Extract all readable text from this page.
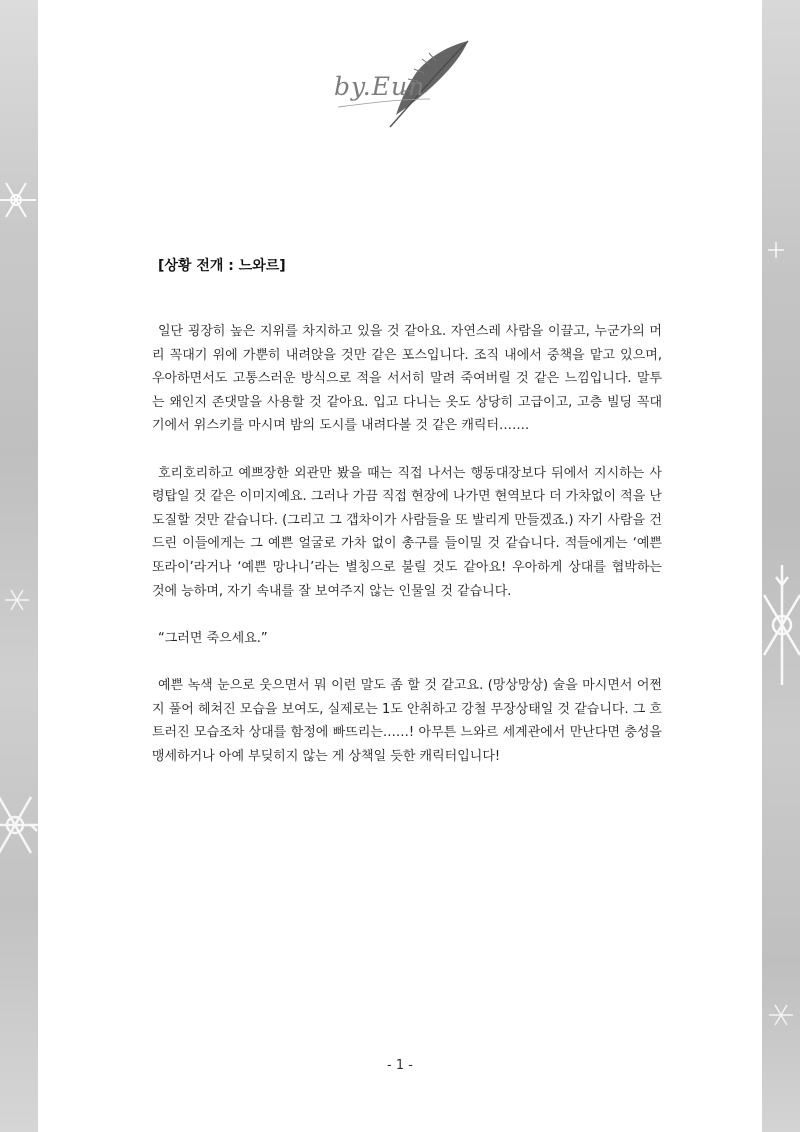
by.Eun
[상황 전개 : 느와르]

일단 굉장히 높은 지위를 차지하고 있을 것 같아요. 자연스레 사람을 이끌고, 누군가의 머리 꼭대기 위에 가뿐히 내려앉을 것만 같은 포스입니다. 조직 내에서 중책을 맡고 있으며, 우아하면서도 고통스러운 방식으로 적을 서서히 말려 죽여버릴 것 같은 느낌입니다. 말투는 왜인지 존댓말을 사용할 것 같아요. 입고 다니는 옷도 상당히 고급이고, 고층 빌딩 꼭대기에서 위스키를 마시며 밤의 도시를 내려다볼 것 같은 캐릭터…….

호리호리하고 예쁘장한 외관만 봤을 때는 직접 나서는 행동대장보다 뒤에서 지시하는 사령탑일 것 같은 이미지예요. 그러나 가끔 직접 현장에 나가면 현역보다 더 가차없이 적을 난도질할 것만 같습니다. (그리고 그 갭차이가 사람들을 또 발리게 만들겠죠.) 자기 사람을 건드린 이들에게는 그 예쁜 얼굴로 가차 없이 총구를 들이밀 것 같습니다. 적들에게는 ‘예쁜 또라이’라거나 ‘예쁜 망나니’라는 별칭으로 불릴 것도 같아요! 우아하게 상대를 협박하는 것에 능하며, 자기 속내를 잘 보여주지 않는 인물일 것 같습니다.

“그러면 죽으세요.”

예쁜 녹색 눈으로 웃으면서 뭐 이런 말도 좀 할 것 같고요. (망상망상) 술을 마시면서 어쩐지 풀어 헤쳐진 모습을 보여도, 실제로는 1도 안취하고 강철 무장상태일 것 같습니다. 그 흐트러진 모습조차 상대를 함정에 빠뜨리는……! 아무튼 느와르 세계관에서 만난다면 충성을 맹세하거나 아예 부딪히지 않는 게 상책일 듯한 캐릭터입니다!

- 1 -
